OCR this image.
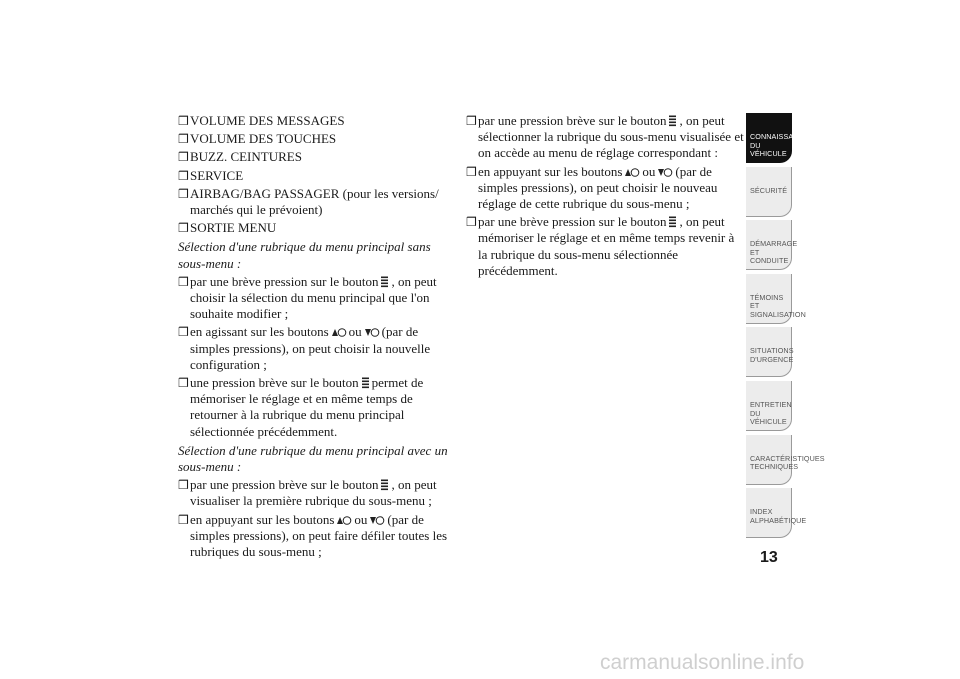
❒ VOLUME DES MESSAGES
❒ VOLUME DES TOUCHES
❒ BUZZ. CEINTURES
❒ SERVICE
❒ AIRBAG/BAG PASSAGER (pour les versions/ marchés qui le prévoient)
❒ SORTIE MENU
Sélection d'une rubrique du menu principal sans sous-menu :
❒ par une brève pression sur le bouton , on peut choisir la sélection du menu principal que l'on souhaite modifier ;
❒ en agissant sur les boutons ou (par de simples pressions), on peut choisir la nouvelle configuration ;
❒ une pression brève sur le bouton permet de mémoriser le réglage et en même temps de retourner à la rubrique du menu principal sélectionnée précédemment.
Sélection d'une rubrique du menu principal avec un sous-menu :
❒ par une pression brève sur le bouton , on peut visualiser la première rubrique du sous-menu ;
❒ en appuyant sur les boutons ou (par de simples pressions), on peut faire défiler toutes les rubriques du sous-menu ;
❒ par une pression brève sur le bouton , on peut sélectionner la rubrique du sous-menu visualisée et on accède au menu de réglage correspondant :
❒ en appuyant sur les boutons ou (par de simples pressions), on peut choisir le nouveau réglage de cette rubrique du sous-menu ;
❒ par une brève pression sur le bouton , on peut mémoriser le réglage et en même temps revenir à la rubrique du sous-menu sélectionnée précédemment.
CONNAISSANCE DU VÉHICULE
SÉCURITÉ
DÉMARRAGE ET CONDUITE
TÉMOINS ET SIGNALISATION
SITUATIONS D'URGENCE
ENTRETIEN DU VÉHICULE
CARACTÉRISTIQUES TECHNIQUES
INDEX ALPHABÉTIQUE
13
carmanualsonline.info
